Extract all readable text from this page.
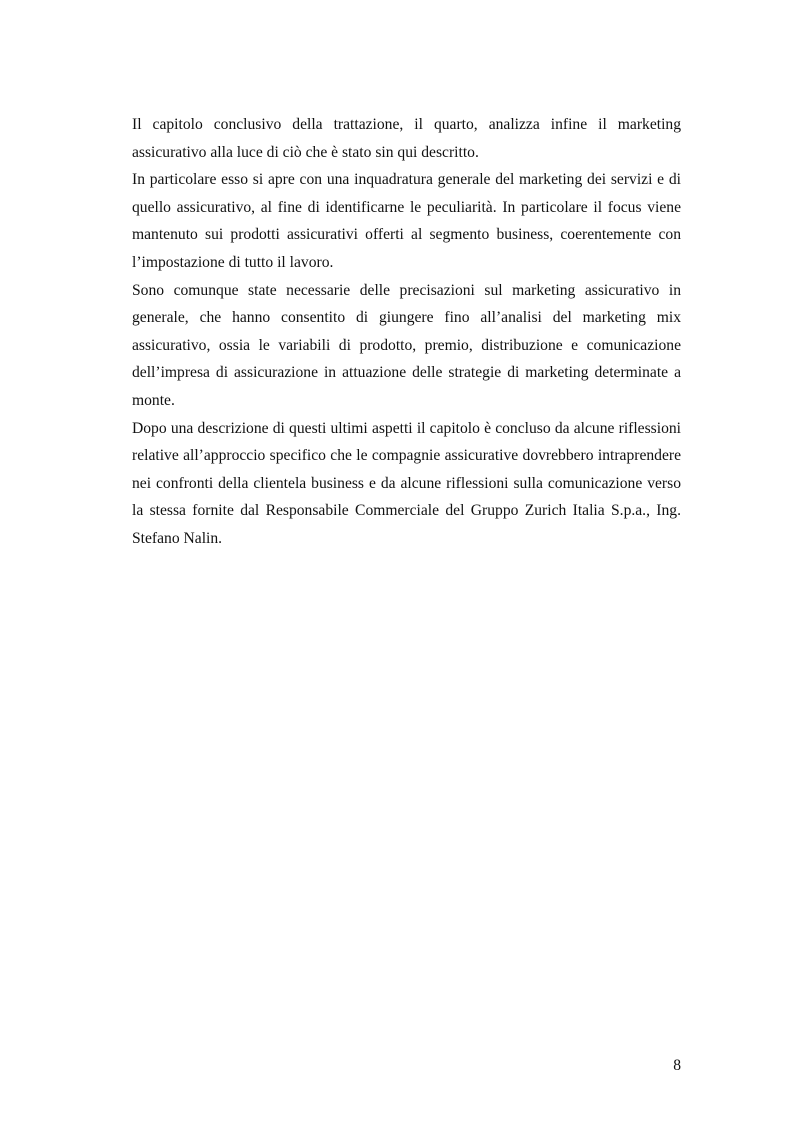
Il capitolo conclusivo della trattazione, il quarto, analizza infine il marketing assicurativo alla luce di ciò che è stato sin qui descritto.

In particolare esso si apre con una inquadratura generale del marketing dei servizi e di quello assicurativo, al fine di identificarne le peculiarità. In particolare il focus viene mantenuto sui prodotti assicurativi offerti al segmento business, coerentemente con l’impostazione di tutto il lavoro.

Sono comunque state necessarie delle precisazioni sul marketing assicurativo in generale, che hanno consentito di giungere fino all’analisi del marketing mix assicurativo, ossia le variabili di prodotto, premio, distribuzione e comunicazione dell’impresa di assicurazione in attuazione delle strategie di marketing determinate a monte.

Dopo una descrizione di questi ultimi aspetti il capitolo è concluso da alcune riflessioni relative all’approccio specifico che le compagnie assicurative dovrebbero intraprendere nei confronti della clientela business e da alcune riflessioni sulla comunicazione verso la stessa fornite dal Responsabile Commerciale del Gruppo Zurich Italia S.p.a., Ing. Stefano Nalin.

8
